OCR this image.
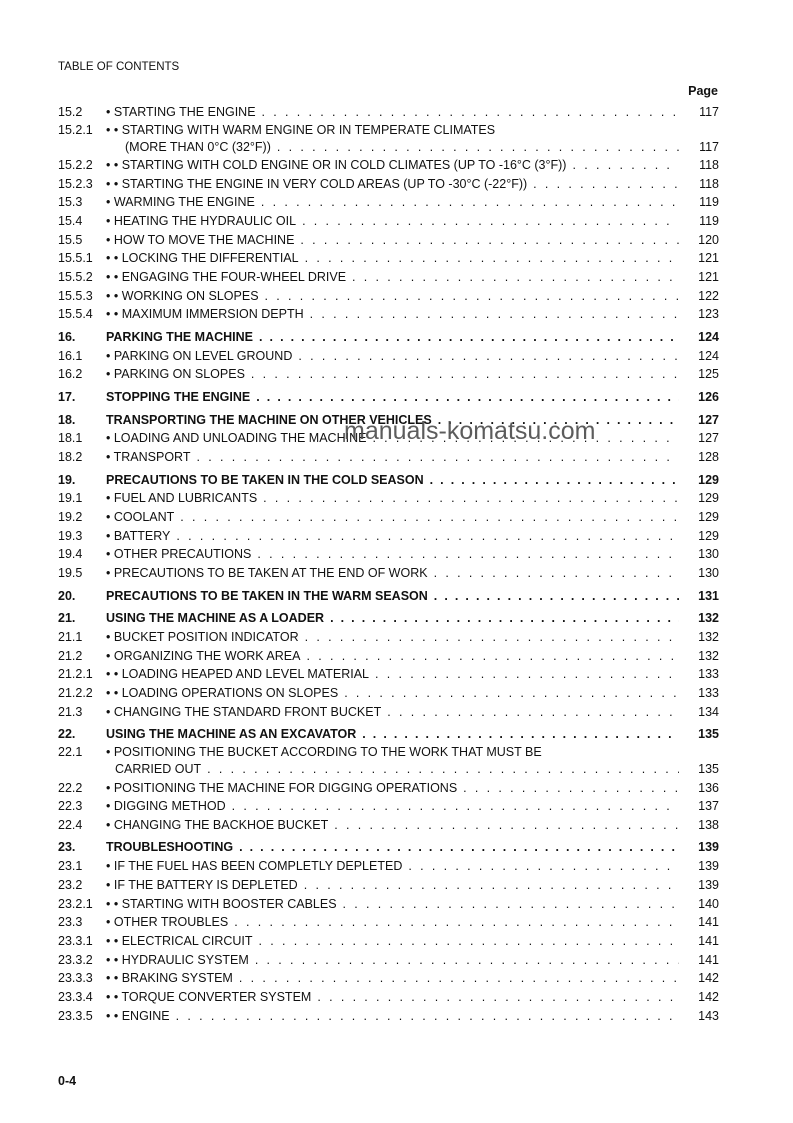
TABLE OF CONTENTS
Page
15.2 • STARTING THE ENGINE . . .	117
15.2.1 • • STARTING WITH WARM ENGINE OR IN TEMPERATE CLIMATES
(MORE THAN 0°C (32°F)) . . .	117
15.2.2 • • STARTING WITH COLD ENGINE OR IN COLD CLIMATES (UP TO -16°C (3°F)) . . .	118
15.2.3 • • STARTING THE ENGINE IN VERY COLD AREAS (UP TO -30°C (-22°F)) . . .	118
15.3 • WARMING THE ENGINE . . .	119
15.4 • HEATING THE HYDRAULIC OIL . . .	119
15.5 • HOW TO MOVE THE MACHINE . . .	120
15.5.1 • • LOCKING THE DIFFERENTIAL . . .	121
15.5.2 • • ENGAGING THE FOUR-WHEEL DRIVE . . .	121
15.5.3 • • WORKING ON SLOPES . . .	122
15.5.4 • • MAXIMUM IMMERSION DEPTH . . .	123
16. PARKING THE MACHINE . . .	124
16.1 • PARKING ON LEVEL GROUND . . .	124
16.2 • PARKING ON SLOPES . . .	125
17. STOPPING THE ENGINE . . .	126
18. TRANSPORTING THE MACHINE ON OTHER VEHICLES . . .	127
18.1 • LOADING AND UNLOADING THE MACHINE . . .	127
18.2 • TRANSPORT . . .	128
19. PRECAUTIONS TO BE TAKEN IN THE COLD SEASON . . .	129
19.1 • FUEL AND LUBRICANTS . . .	129
19.2 • COOLANT . . .	129
19.3 • BATTERY . . .	129
19.4 • OTHER PRECAUTIONS . . .	130
19.5 • PRECAUTIONS TO BE TAKEN AT THE END OF WORK . . .	130
20. PRECAUTIONS TO BE TAKEN IN THE WARM SEASON . . .	131
21. USING THE MACHINE AS A LOADER . . .	132
21.1 • BUCKET POSITION INDICATOR . . .	132
21.2 • ORGANIZING THE WORK AREA . . .	132
21.2.1 • • LOADING HEAPED AND LEVEL MATERIAL . . .	133
21.2.2 • • LOADING OPERATIONS ON SLOPES . . .	133
21.3 • CHANGING THE STANDARD FRONT BUCKET . . .	134
22. USING THE MACHINE AS AN EXCAVATOR . . .	135
22.1 • POSITIONING THE BUCKET ACCORDING TO THE WORK THAT MUST BE
CARRIED OUT . . .	135
22.2 • POSITIONING THE MACHINE FOR DIGGING OPERATIONS . . .	136
22.3 • DIGGING METHOD . . .	137
22.4 • CHANGING THE BACKHOE BUCKET . . .	138
23. TROUBLESHOOTING . . .	139
23.1 • IF THE FUEL HAS BEEN COMPLETLY DEPLETED . . .	139
23.2 • IF THE BATTERY IS DEPLETED . . .	139
23.2.1 • • STARTING WITH BOOSTER CABLES . . .	140
23.3 • OTHER TROUBLES . . .	141
23.3.1 • • ELECTRICAL CIRCUIT . . .	141
23.3.2 • • HYDRAULIC SYSTEM . . .	141
23.3.3 • • BRAKING SYSTEM . . .	142
23.3.4 • • TORQUE CONVERTER SYSTEM . . .	142
23.3.5 • • ENGINE . . .	143
manuals-komatsu.com
0-4
